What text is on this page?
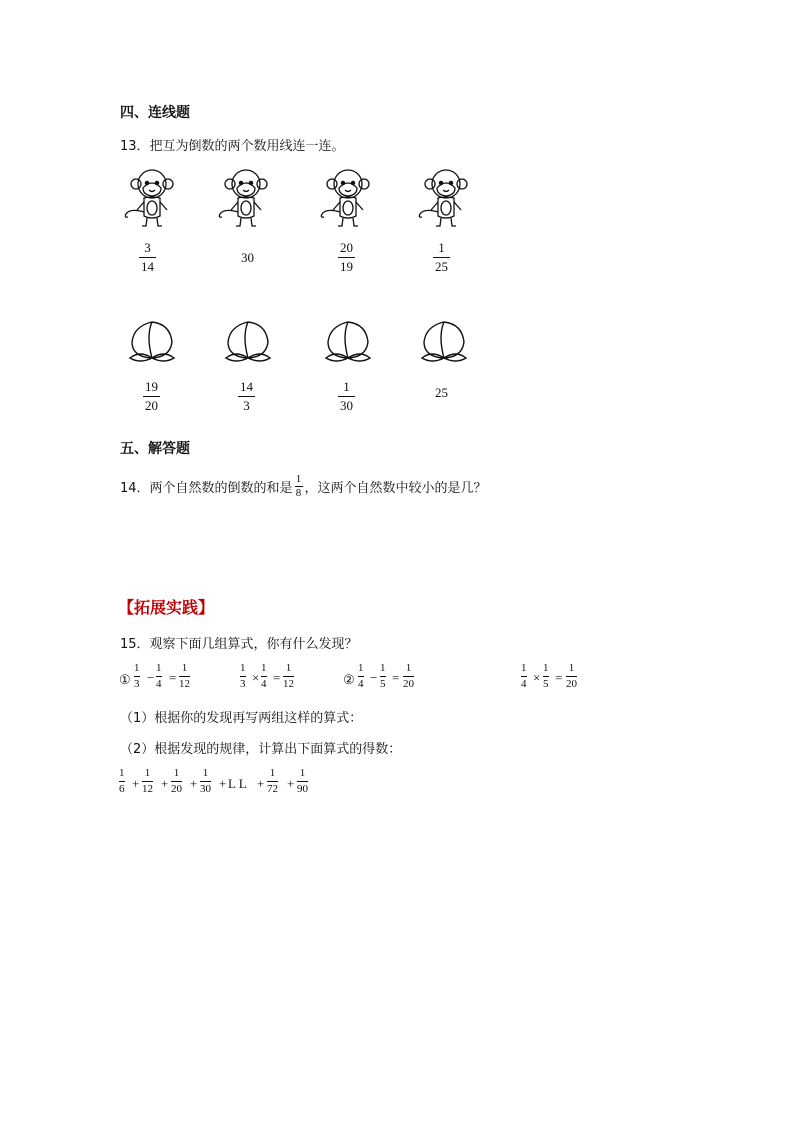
四、连线题
13．把互为倒数的两个数用线连一连。
3
14
30
20
19
1
25
19
20
14
3
1
30
25
五、解答题
14．两个自然数的倒数的和是
1
8 ，这两个自然数中较小的是几？
【拓展实践】
15．观察下面几组算式，你有什么发现？
①
1
3 −
1
4 =
1
12
1
3 ×
1
4 =
1
12	②
1
4 −
1
5 =
1
20
1
4 ×
1
5 =
1
20
（1）根据你的发现再写两组这样的算式：
（2）根据发现的规律，计算出下面算式的得数：
1
6 +
1
12 +
1
20 +
1
30 + L L +
1
72 +
1
90
